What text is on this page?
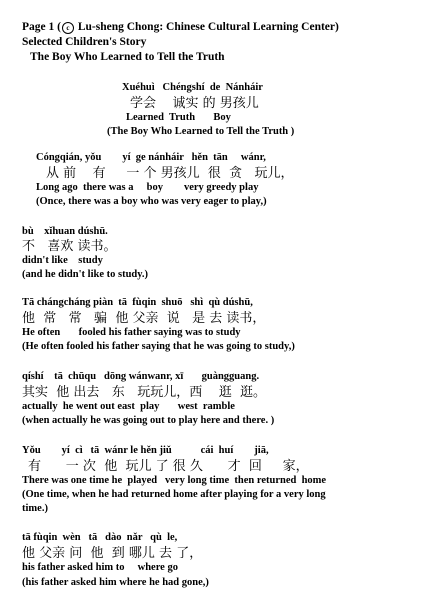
Page 1 ( c Lu-sheng Chong: Chinese Cultural Learning Center)
Selected Children's Story
The Boy Who Learned to Tell the Truth
Xuéhuì   Chéngshí  de  Nánháir
学会    诚实 的 男孩儿
Learned  Truth       Boy
(The Boy Who Learned to Tell the Truth )
Cóngqián, yǒu        yí  ge nánháir   hěn  tān     wánr,
从 前    有     一 个 男孩儿  很  贪   玩儿，
Long ago  there was a     boy        very greedy play
(Once, there was a boy who was very eager to play,)
bù    xǐhuan dúshū.
不   喜欢 读书。
didn't like    study
(and he didn't like to study.)
Tā chángcháng piàn  tā  fùqin  shuō   shì  qù dúshū,
他  常   常   骗  他 父亲  说   是 去 读书，
He often       fooled his father saying was to study
(He often fooled his father saying that he was going to study,)
qíshí    tā  chūqu   dōng wánwanr, xī       guàngguang.
其实  他 出去   东   玩玩儿，西    逛  逛。
actually  he went out east  play       west  ramble
(when actually he was going out to play here and there. )
Yǒu        yí  cì   tā  wánr le hěn jiǔ           cái  huí        jiā,
有      一 次  他  玩儿 了 很 久      才  回     家，
There was one time he  played   very long time  then returned  home
(One time, when he had returned home after playing for a very long
time.)
tā fùqin  wèn   tā   dào  nǎr   qù  le,
他 父亲 问  他  到 哪儿 去 了，
his father asked him to     where go
(his father asked him where he had gone,)
